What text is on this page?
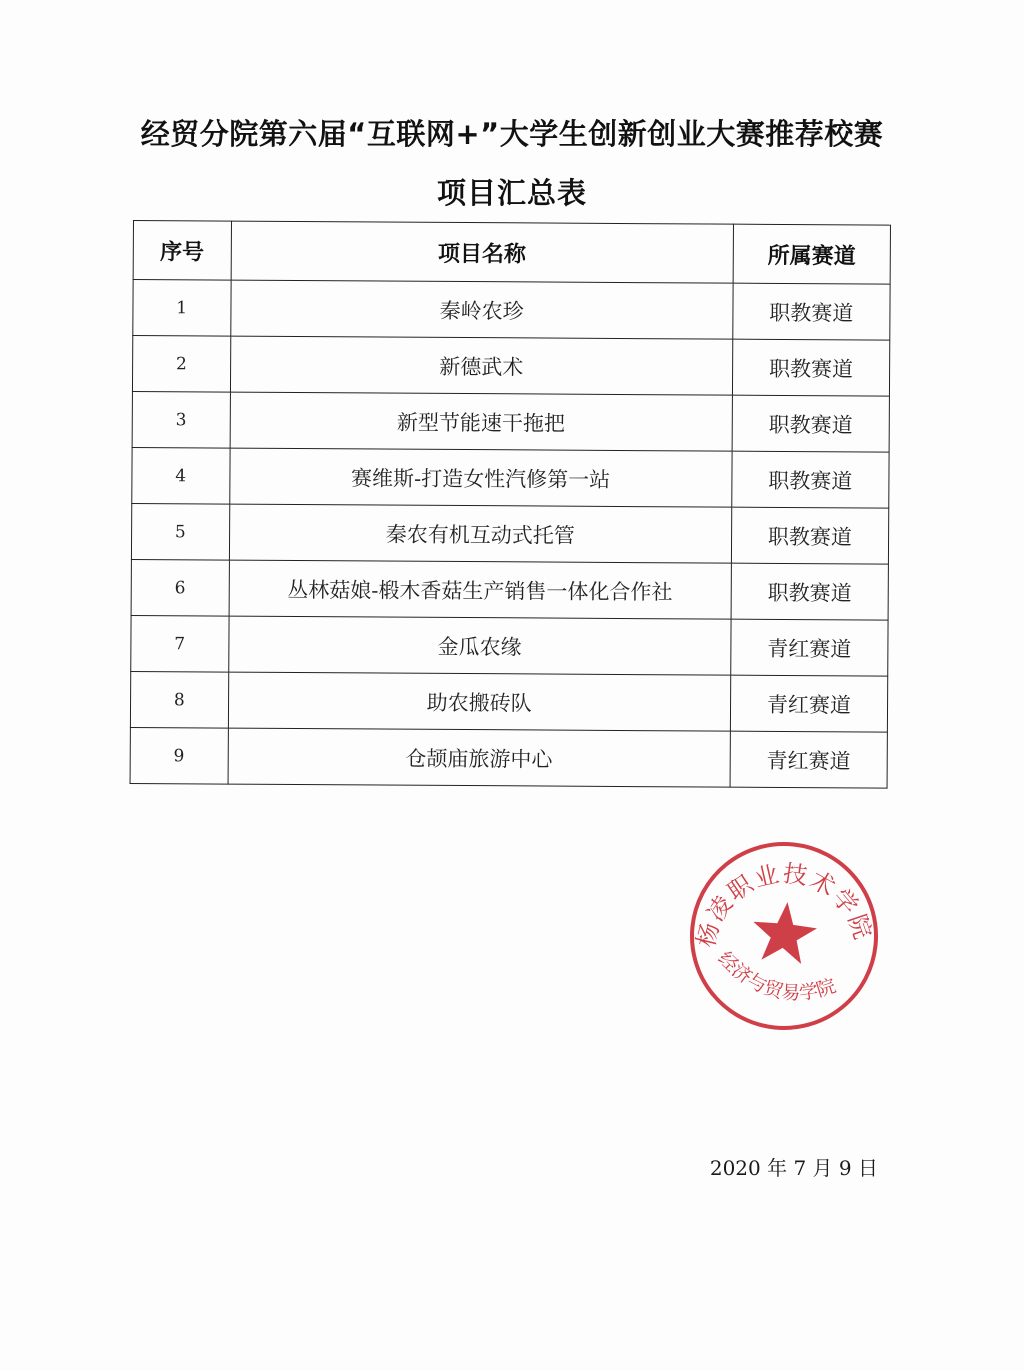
经贸分院第六届“互联网+”大学生创新创业大赛推荐校赛
项目汇总表
序号	项目名称	所属赛道
1	秦岭农珍	职教赛道
2	新德武术	职教赛道
3	新型节能速干拖把	职教赛道
4	赛维斯-打造女性汽修第一站	职教赛道
5	秦农有机互动式托管	职教赛道
6	丛林菇娘-椴木香菇生产销售一体化合作社	职教赛道
7	金瓜农缘	青红赛道
8	助农搬砖队	青红赛道
9	仓颉庙旅游中心	青红赛道
杨凌职业技术学院
经济与贸易学院
2020 年 7 月 9 日
